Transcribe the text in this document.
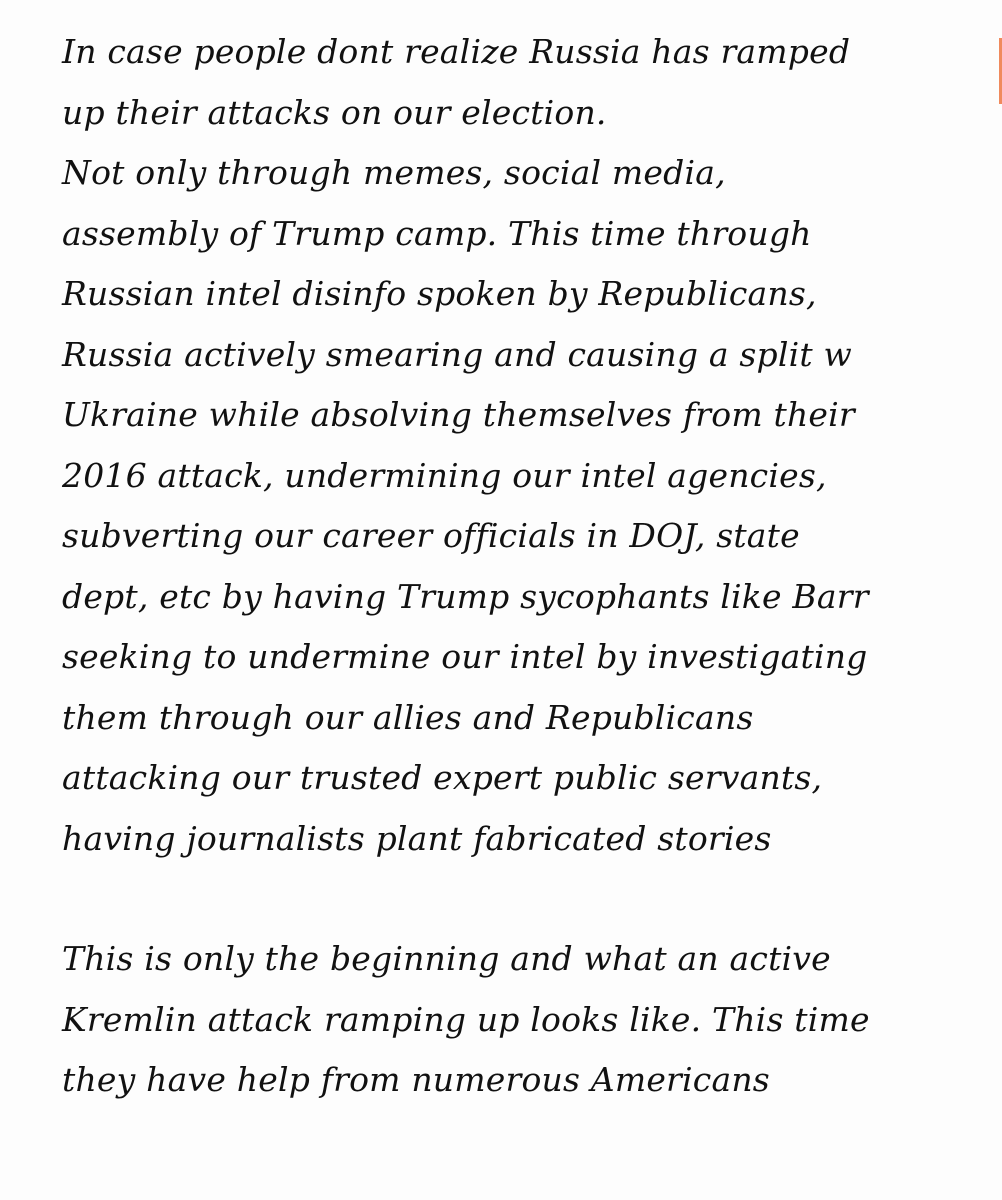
In case people dont realize Russia has ramped
up their attacks on our election.
Not only through memes, social media,
assembly of Trump camp. This time through
Russian intel disinfo spoken by Republicans,
Russia actively smearing and causing a split w
Ukraine while absolving themselves from their
2016 attack, undermining our intel agencies,
subverting our career officials in DOJ, state
dept, etc by having Trump sycophants like Barr
seeking to undermine our intel by investigating
them through our allies and Republicans
attacking our trusted expert public servants,
having journalists plant fabricated stories
This is only the beginning and what an active
Kremlin attack ramping up looks like. This time
they have help from numerous Americans
